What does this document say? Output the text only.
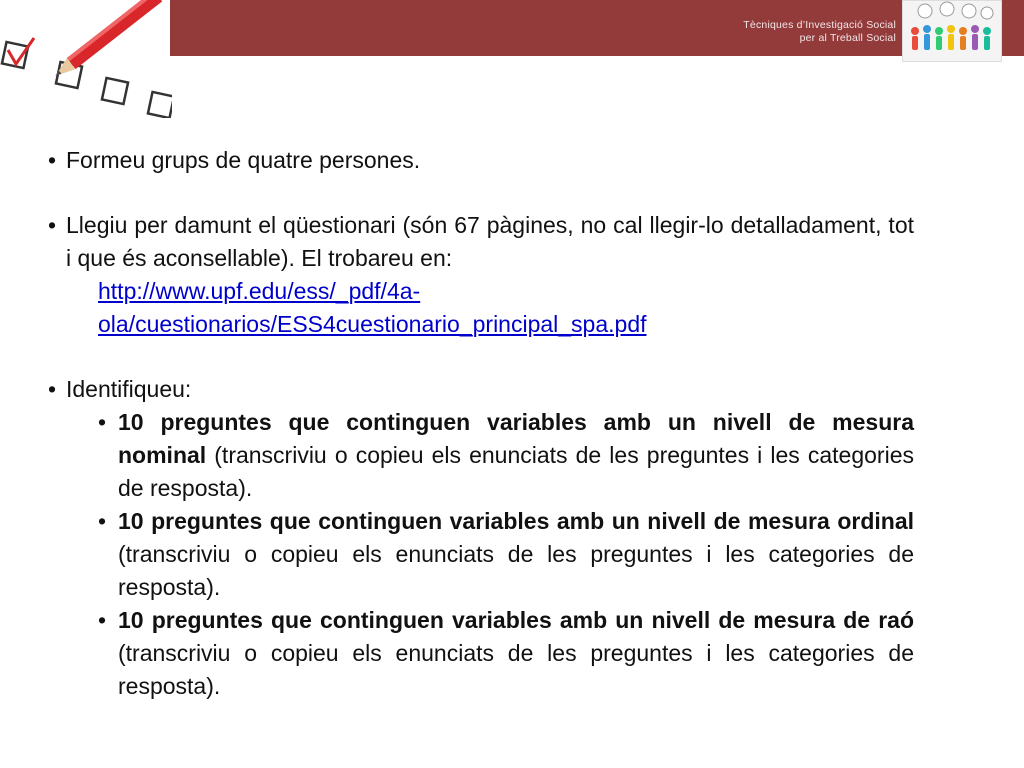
Tècniques d’Investigació Social
per al Treball Social
• Formeu grups de quatre persones.
• Llegiu per damunt el qüestionari (són 67 pàgines, no cal llegir-lo detalladament, tot i que és aconsellable). El trobareu en:
http://www.upf.edu/ess/_pdf/4a-
ola/cuestionarios/ESS4cuestionario_principal_spa.pdf
• Identifiqueu:
• 10 preguntes que continguen variables amb un nivell de mesura nominal (transcriviu o copieu els enunciats de les preguntes i les categories de resposta).
• 10 preguntes que continguen variables amb un nivell de mesura ordinal (transcriviu o copieu els enunciats de les preguntes i les categories de resposta).
• 10 preguntes que continguen variables amb un nivell de mesura de raó (transcriviu o copieu els enunciats de les preguntes i les categories de resposta).
